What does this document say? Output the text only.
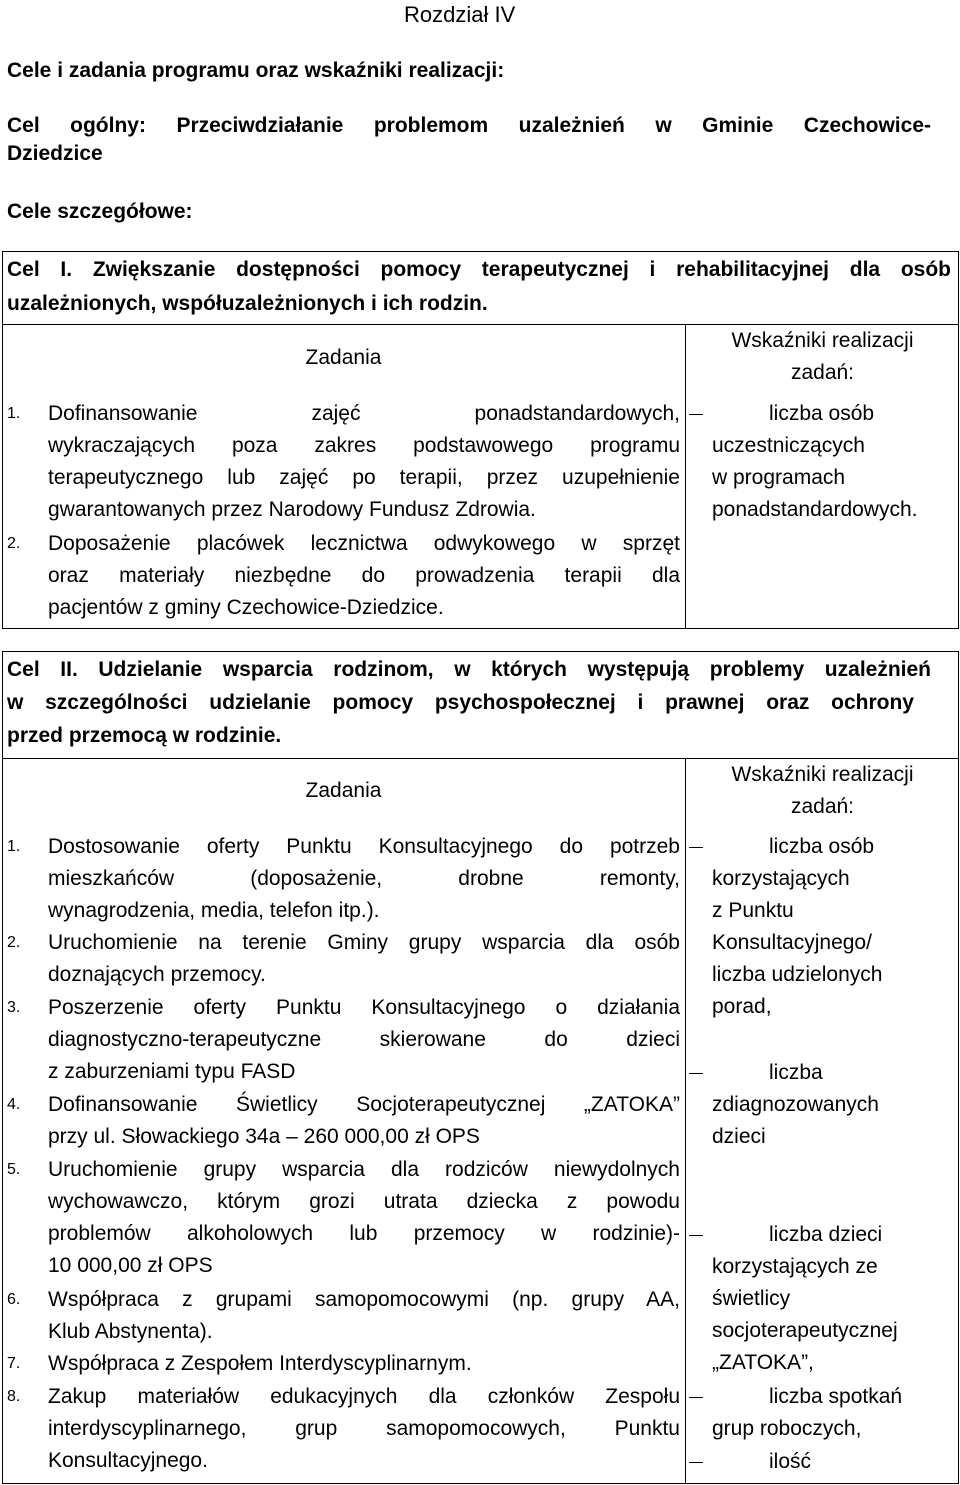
Rozdział IV
Cele i zadania programu oraz wskaźniki realizacji:
Cel ogólny: Przeciwdziałanie problemom uzależnień w Gminie Czechowice-
Dziedzice
Cele szczegółowe:
Cel I. Zwiększanie dostępności pomocy terapeutycznej i rehabilitacyjnej dla osób
uzależnionych, współuzależnionych i ich rodzin.
Zadania
Wskaźniki realizacji
zadań:
1. Dofinansowanie zajęć ponadstandardowych,
wykraczających poza zakres podstawowego programu
terapeutycznego lub zajęć po terapii, przez uzupełnienie
gwarantowanych przez Narodowy Fundusz Zdrowia.
2. Doposażenie placówek lecznictwa odwykowego w sprzęt
oraz materiały niezbędne do prowadzenia terapii dla
pacjentów z gminy Czechowice-Dziedzice.
liczba osób
uczestniczących
w programach
ponadstandardowych.
Cel II. Udzielanie wsparcia rodzinom, w których występują problemy uzależnień
w szczególności udzielanie pomocy psychospołecznej i prawnej oraz ochrony
przed przemocą w rodzinie.
Zadania
Wskaźniki realizacji
zadań:
1. Dostosowanie oferty Punktu Konsultacyjnego do potrzeb
mieszkańców (doposażenie, drobne remonty,
wynagrodzenia, media, telefon itp.).
2. Uruchomienie na terenie Gminy grupy wsparcia dla osób
doznających przemocy.
3. Poszerzenie oferty Punktu Konsultacyjnego o działania
diagnostyczno-terapeutyczne skierowane do dzieci
z zaburzeniami typu FASD
4. Dofinansowanie Świetlicy Socjoterapeutycznej „ZATOKA”
przy ul. Słowackiego 34a – 260 000,00 zł OPS
5. Uruchomienie grupy wsparcia dla rodziców niewydolnych
wychowawczo, którym grozi utrata dziecka z powodu
problemów alkoholowych lub przemocy w rodzinie)-
10 000,00 zł OPS
6. Współpraca z grupami samopomocowymi (np. grupy AA,
Klub Abstynenta).
7. Współpraca z Zespołem Interdyscyplinarnym.
8. Zakup materiałów edukacyjnych dla członków Zespołu
interdyscyplinarnego, grup samopomocowych, Punktu
Konsultacyjnego.
liczba osób
korzystających
z Punktu
Konsultacyjnego/
liczba udzielonych
porad,
liczba
zdiagnozowanych
dzieci
liczba dzieci
korzystających ze
świetlicy
socjoterapeutycznej
„ZATOKA”,
liczba spotkań
grup roboczych,
ilość
